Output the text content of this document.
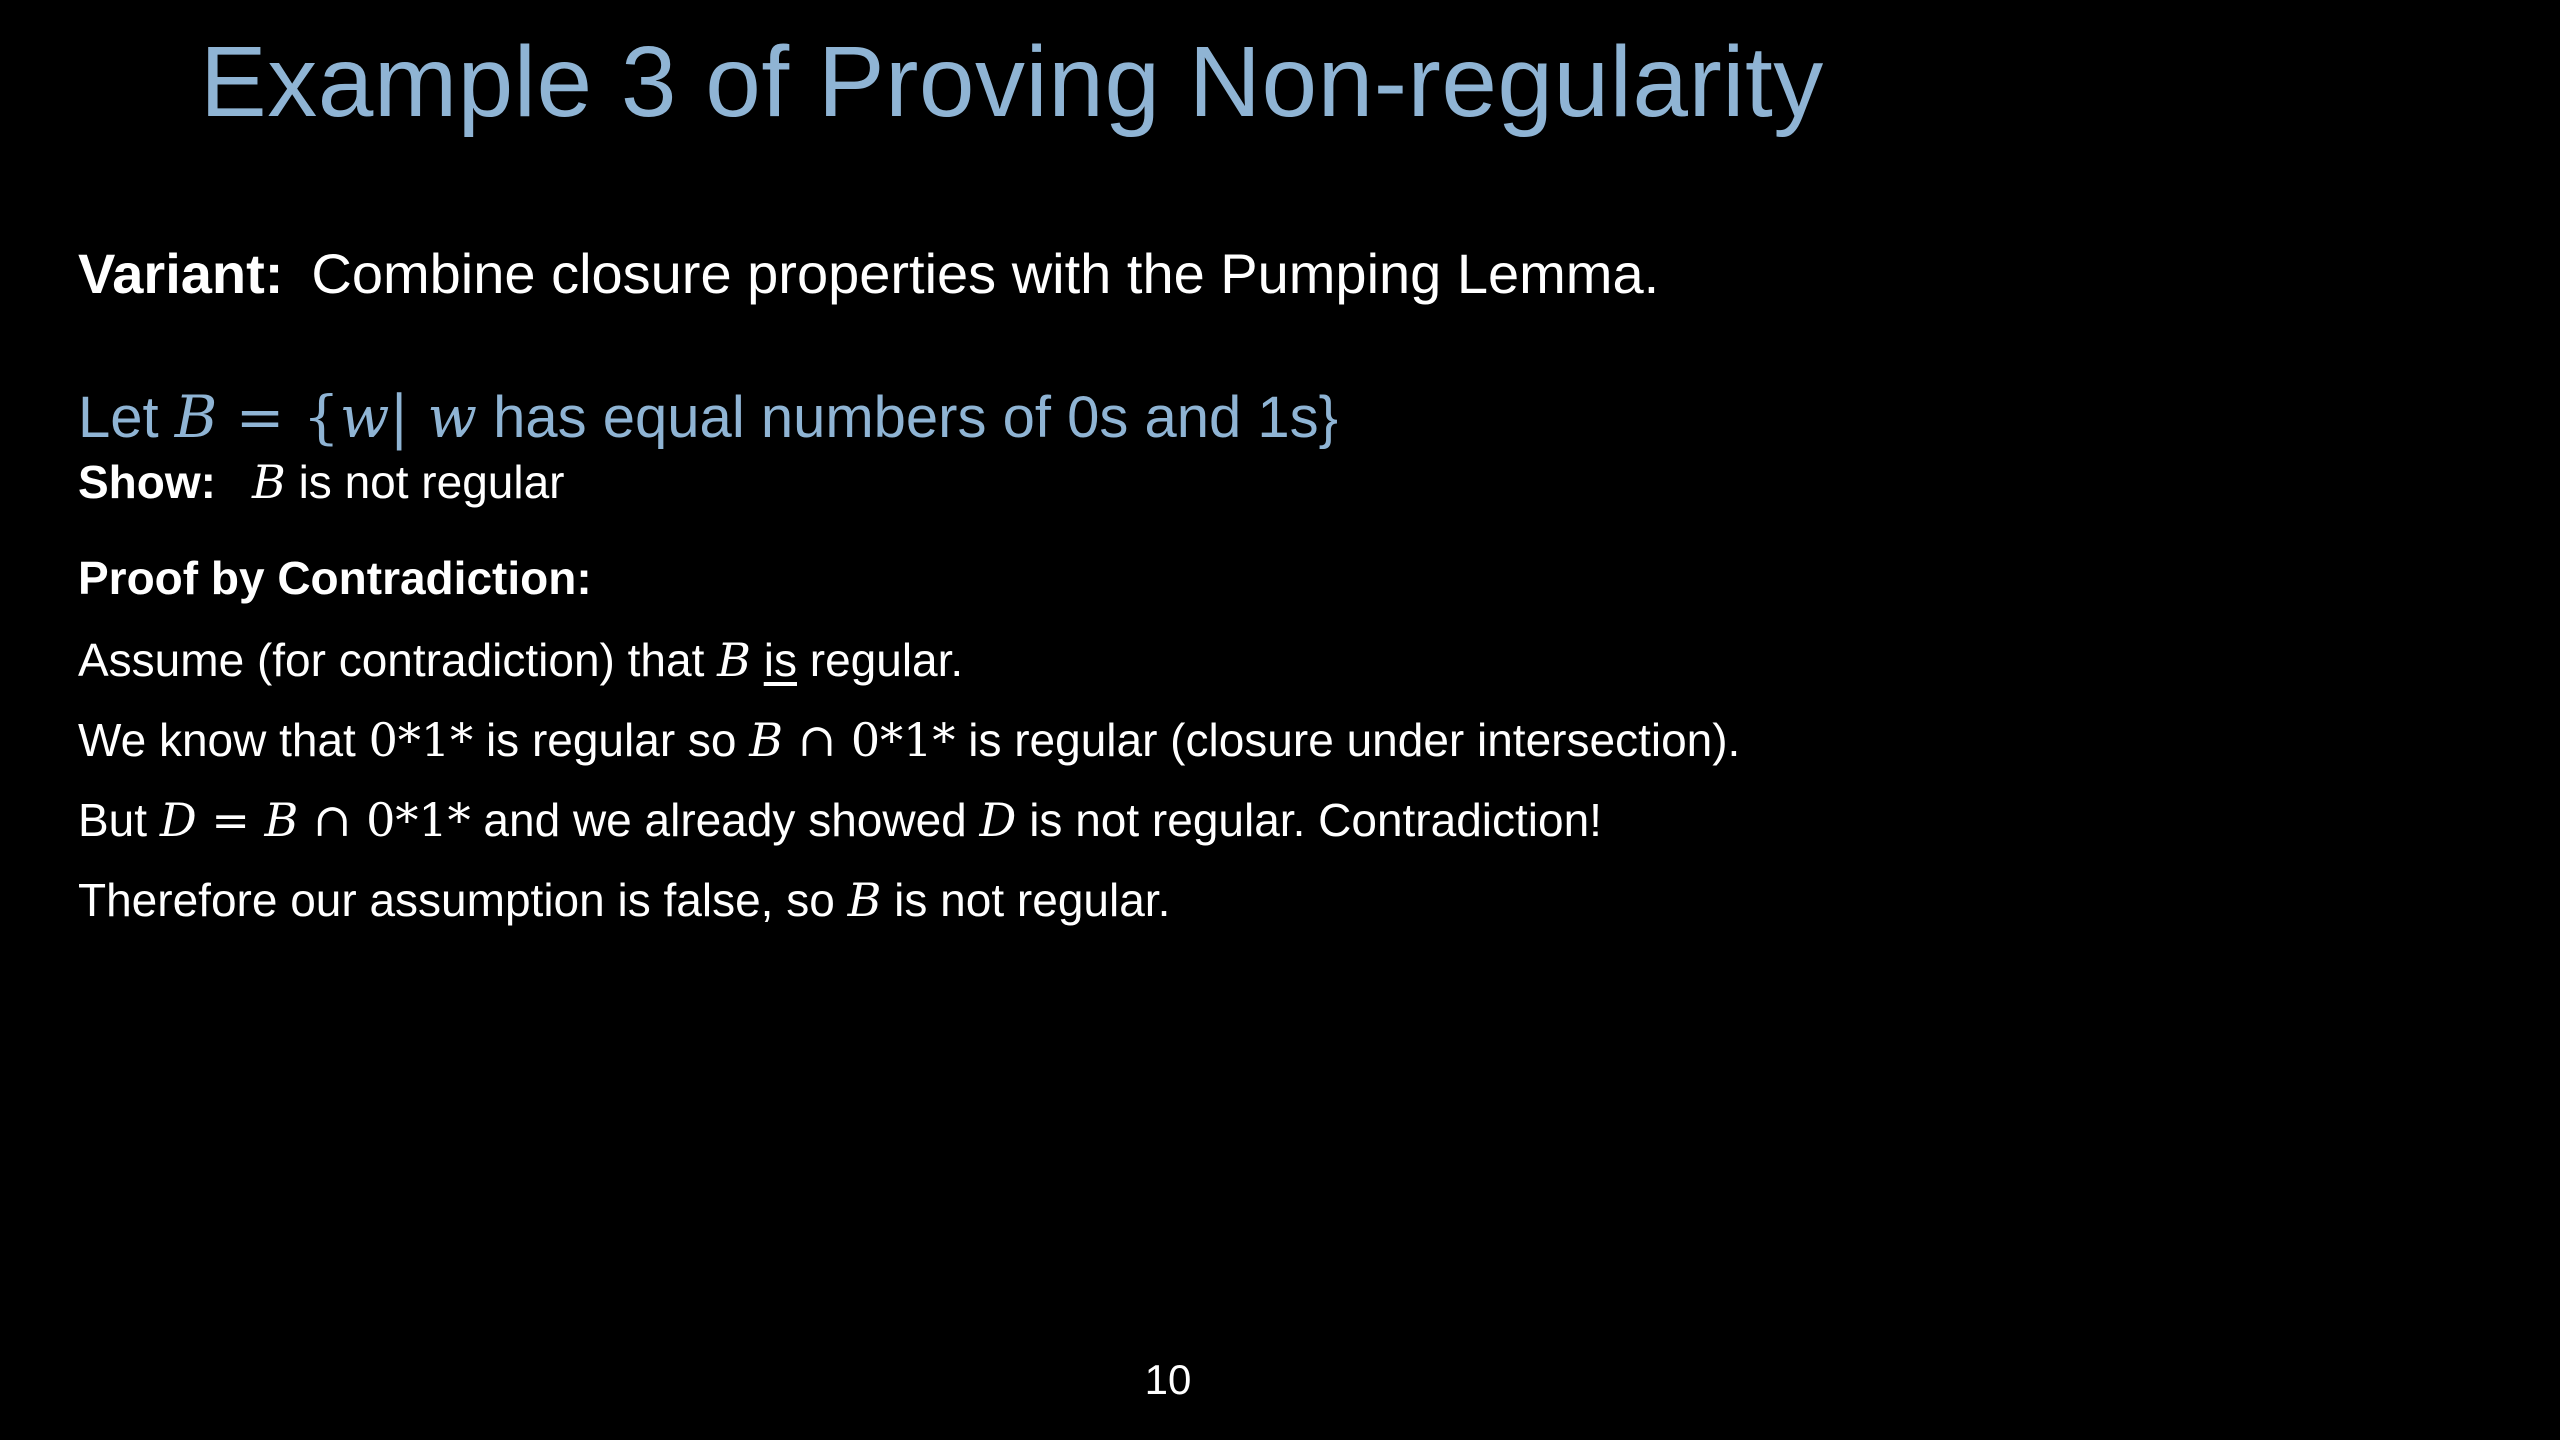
Example 3 of Proving Non-regularity
Variant: Combine closure properties with the Pumping Lemma.
Let B = {w| w has equal numbers of 0s and 1s}
Show: B is not regular
Proof by Contradiction:
Assume (for contradiction) that B is regular.
We know that 0*1* is regular so B ∩ 0*1* is regular (closure under intersection).
But D = B ∩ 0*1* and we already showed D is not regular. Contradiction!
Therefore our assumption is false, so B is not regular.
10
